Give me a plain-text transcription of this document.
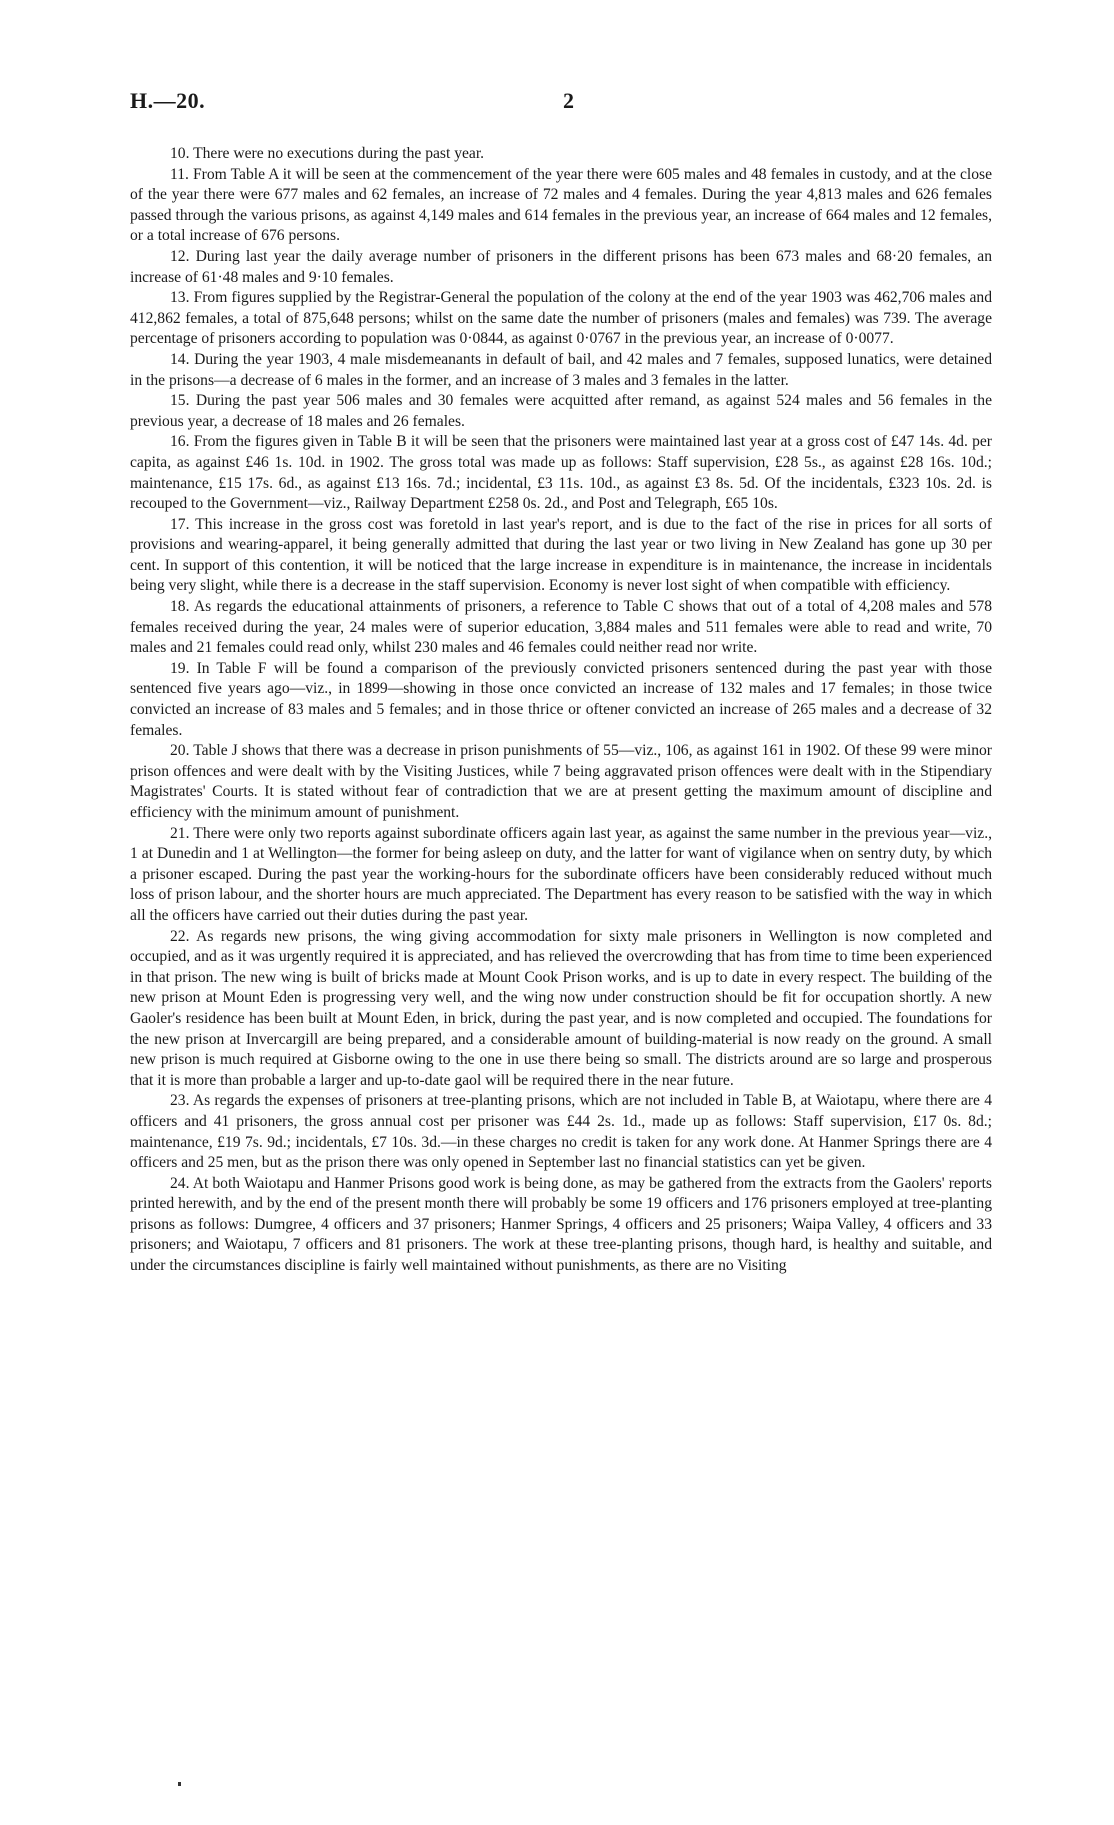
H.—20.	2

10. There were no executions during the past year.

11. From Table A it will be seen at the commencement of the year there were 605 males and 48 females in custody, and at the close of the year there were 677 males and 62 females, an increase of 72 males and 4 females. During the year 4,813 males and 626 females passed through the various prisons, as against 4,149 males and 614 females in the previous year, an increase of 664 males and 12 females, or a total increase of 676 persons.

12. During last year the daily average number of prisoners in the different prisons has been 673 males and 68·20 females, an increase of 61·48 males and 9·10 females.

13. From figures supplied by the Registrar-General the population of the colony at the end of the year 1903 was 462,706 males and 412,862 females, a total of 875,648 persons; whilst on the same date the number of prisoners (males and females) was 739. The average percentage of prisoners according to population was 0·0844, as against 0·0767 in the previous year, an increase of 0·0077.

14. During the year 1903, 4 male misdemeanants in default of bail, and 42 males and 7 females, supposed lunatics, were detained in the prisons—a decrease of 6 males in the former, and an increase of 3 males and 3 females in the latter.

15. During the past year 506 males and 30 females were acquitted after remand, as against 524 males and 56 females in the previous year, a decrease of 18 males and 26 females.

16. From the figures given in Table B it will be seen that the prisoners were maintained last year at a gross cost of £47 14s. 4d. per capita, as against £46 1s. 10d. in 1902. The gross total was made up as follows: Staff supervision, £28 5s., as against £28 16s. 10d.; maintenance, £15 17s. 6d., as against £13 16s. 7d.; incidental, £3 11s. 10d., as against £3 8s. 5d. Of the incidentals, £323 10s. 2d. is recouped to the Government—viz., Railway Department £258 0s. 2d., and Post and Telegraph, £65 10s.

17. This increase in the gross cost was foretold in last year's report, and is due to the fact of the rise in prices for all sorts of provisions and wearing-apparel, it being generally admitted that during the last year or two living in New Zealand has gone up 30 per cent. In support of this contention, it will be noticed that the large increase in expenditure is in maintenance, the increase in incidentals being very slight, while there is a decrease in the staff supervision. Economy is never lost sight of when compatible with efficiency.

18. As regards the educational attainments of prisoners, a reference to Table C shows that out of a total of 4,208 males and 578 females received during the year, 24 males were of superior education, 3,884 males and 511 females were able to read and write, 70 males and 21 females could read only, whilst 230 males and 46 females could neither read nor write.

19. In Table F will be found a comparison of the previously convicted prisoners sentenced during the past year with those sentenced five years ago—viz., in 1899—showing in those once convicted an increase of 132 males and 17 females; in those twice convicted an increase of 83 males and 5 females; and in those thrice or oftener convicted an increase of 265 males and a decrease of 32 females.

20. Table J shows that there was a decrease in prison punishments of 55—viz., 106, as against 161 in 1902. Of these 99 were minor prison offences and were dealt with by the Visiting Justices, while 7 being aggravated prison offences were dealt with in the Stipendiary Magistrates' Courts. It is stated without fear of contradiction that we are at present getting the maximum amount of discipline and efficiency with the minimum amount of punishment.

21. There were only two reports against subordinate officers again last year, as against the same number in the previous year—viz., 1 at Dunedin and 1 at Wellington—the former for being asleep on duty, and the latter for want of vigilance when on sentry duty, by which a prisoner escaped. During the past year the working-hours for the subordinate officers have been considerably reduced without much loss of prison labour, and the shorter hours are much appreciated. The Department has every reason to be satisfied with the way in which all the officers have carried out their duties during the past year.

22. As regards new prisons, the wing giving accommodation for sixty male prisoners in Wellington is now completed and occupied, and as it was urgently required it is appreciated, and has relieved the overcrowding that has from time to time been experienced in that prison. The new wing is built of bricks made at Mount Cook Prison works, and is up to date in every respect. The building of the new prison at Mount Eden is progressing very well, and the wing now under construction should be fit for occupation shortly. A new Gaoler's residence has been built at Mount Eden, in brick, during the past year, and is now completed and occupied. The foundations for the new prison at Invercargill are being prepared, and a considerable amount of building-material is now ready on the ground. A small new prison is much required at Gisborne owing to the one in use there being so small. The districts around are so large and prosperous that it is more than probable a larger and up-to-date gaol will be required there in the near future.

23. As regards the expenses of prisoners at tree-planting prisons, which are not included in Table B, at Waiotapu, where there are 4 officers and 41 prisoners, the gross annual cost per prisoner was £44 2s. 1d., made up as follows: Staff supervision, £17 0s. 8d.; maintenance, £19 7s. 9d.; incidentals, £7 10s. 3d.—in these charges no credit is taken for any work done. At Hanmer Springs there are 4 officers and 25 men, but as the prison there was only opened in September last no financial statistics can yet be given.

24. At both Waiotapu and Hanmer Prisons good work is being done, as may be gathered from the extracts from the Gaolers' reports printed herewith, and by the end of the present month there will probably be some 19 officers and 176 prisoners employed at tree-planting prisons as follows: Dumgree, 4 officers and 37 prisoners; Hanmer Springs, 4 officers and 25 prisoners; Waipa Valley, 4 officers and 33 prisoners; and Waiotapu, 7 officers and 81 prisoners. The work at these tree-planting prisons, though hard, is healthy and suitable, and under the circumstances discipline is fairly well maintained without punishments, as there are no Visiting
